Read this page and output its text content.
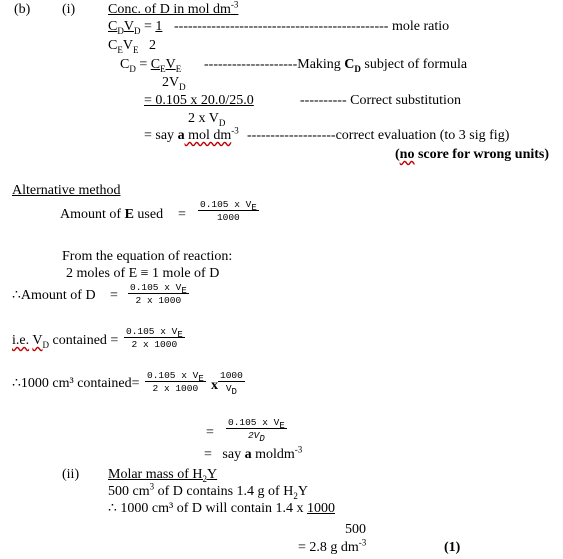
(b) (i) Conc. of D in mol $dm^{-3}$
$C_DV_D = 1$ ---------------------------------------------- mole ratio
$C_EV_E$   2
$C_D = C_EV_E$ --------------------Making $C_D$ subject of formula
$2V_D$
= 0.105 x 20.0/25.0	---------- Correct substitution
2 x $V_D$
= say a mol $dm^{-3}$ -------------------correct evaluation (to 3 sig fig)
(no score for wrong units)
Alternative method
Amount of E used =
0.105 x $V_E$
1000
From the equation of reaction:
2 moles of E ≡ 1 mole of D
∴Amount of D =
0.105 x $V_E$
2 x 1000
i.e. $V_D$ contained =
0.105 x $V_E$
2 x 1000
∴1000 cm³ contained=
0.105 x $V_E$
2 x 1000 x
1000
$V_D$
=
0.105 x $V_E$
$2V_D$
=   say a moldm$^{-3}$
(ii) Molar mass of $H_2Y$
500 $cm^3$ of D contains 1.4 g of $H_2Y$
∴ 1000 cm³ of D will contain 1.4 x 1000
500
= 2.8 g $dm^{-3}$	(1)
